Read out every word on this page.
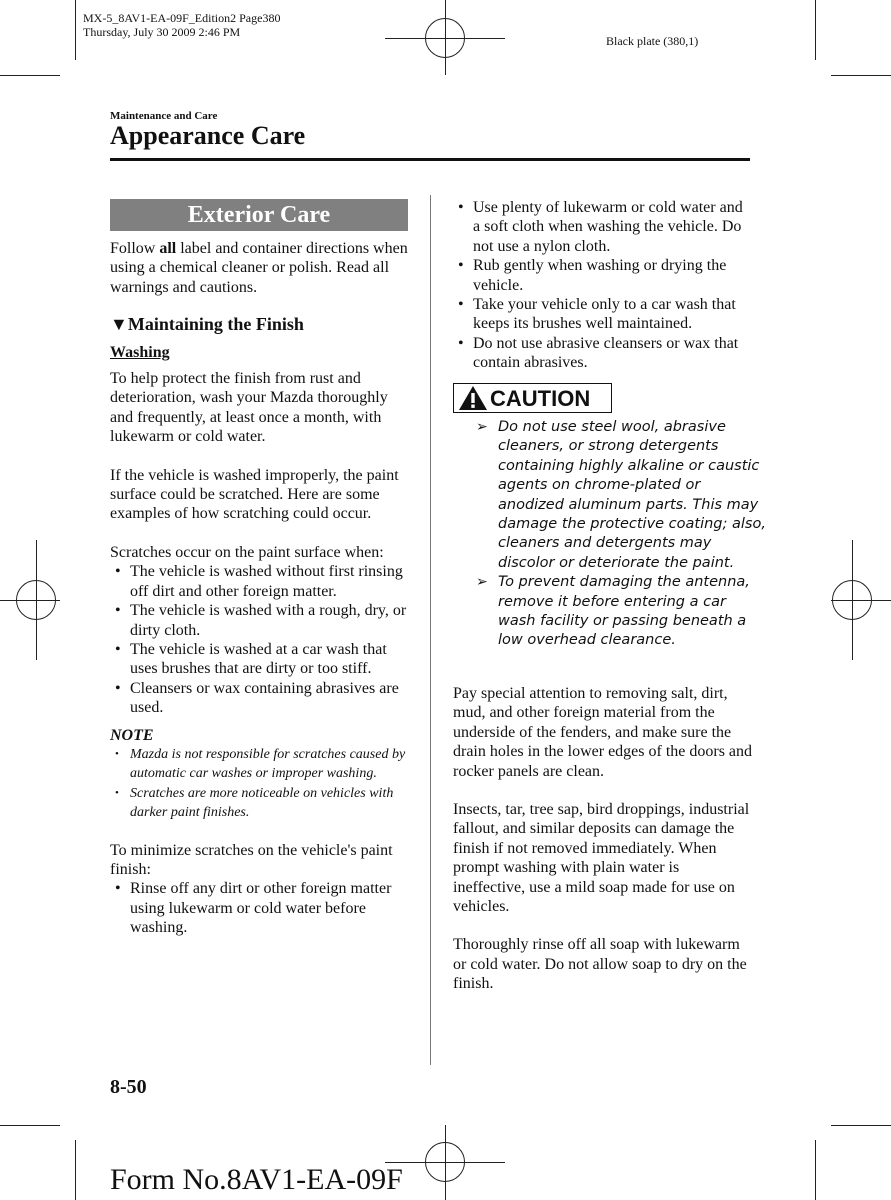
MX-5_8AV1-EA-09F_Edition2 Page380
Thursday, July 30 2009 2:46 PM
Black plate (380,1)
Maintenance and Care
Appearance Care
Exterior Care

Follow all label and container directions when using a chemical cleaner or polish. Read all warnings and cautions.

▼Maintaining the Finish
Washing

To help protect the finish from rust and deterioration, wash your Mazda thoroughly and frequently, at least once a month, with lukewarm or cold water.

If the vehicle is washed improperly, the paint surface could be scratched. Here are some examples of how scratching could occur.

Scratches occur on the paint surface when:

• The vehicle is washed without first rinsing off dirt and other foreign matter.
• The vehicle is washed with a rough, dry, or dirty cloth.
• The vehicle is washed at a car wash that uses brushes that are dirty or too stiff.
• Cleansers or wax containing abrasives are used.
NOTE
• Mazda is not responsible for scratches caused by automatic car washes or improper washing.
• Scratches are more noticeable on vehicles with darker paint finishes.

To minimize scratches on the vehicle's paint finish:

• Rinse off any dirt or other foreign matter using lukewarm or cold water before washing.
• Use plenty of lukewarm or cold water and a soft cloth when washing the vehicle. Do not use a nylon cloth.
• Rub gently when washing or drying the vehicle.
• Take your vehicle only to a car wash that keeps its brushes well maintained.
• Do not use abrasive cleansers or wax that contain abrasives.
CAUTION
➢ Do not use steel wool, abrasive cleaners, or strong detergents containing highly alkaline or caustic agents on chrome-plated or anodized aluminum parts. This may damage the protective coating; also, cleaners and detergents may discolor or deteriorate the paint.
➢ To prevent damaging the antenna, remove it before entering a car wash facility or passing beneath a low overhead clearance.

Pay special attention to removing salt, dirt, mud, and other foreign material from the underside of the fenders, and make sure the drain holes in the lower edges of the doors and rocker panels are clean.

Insects, tar, tree sap, bird droppings, industrial fallout, and similar deposits can damage the finish if not removed immediately. When prompt washing with plain water is ineffective, use a mild soap made for use on vehicles.

Thoroughly rinse off all soap with lukewarm or cold water. Do not allow soap to dry on the finish.

8-50
Form No.8AV1-EA-09F
